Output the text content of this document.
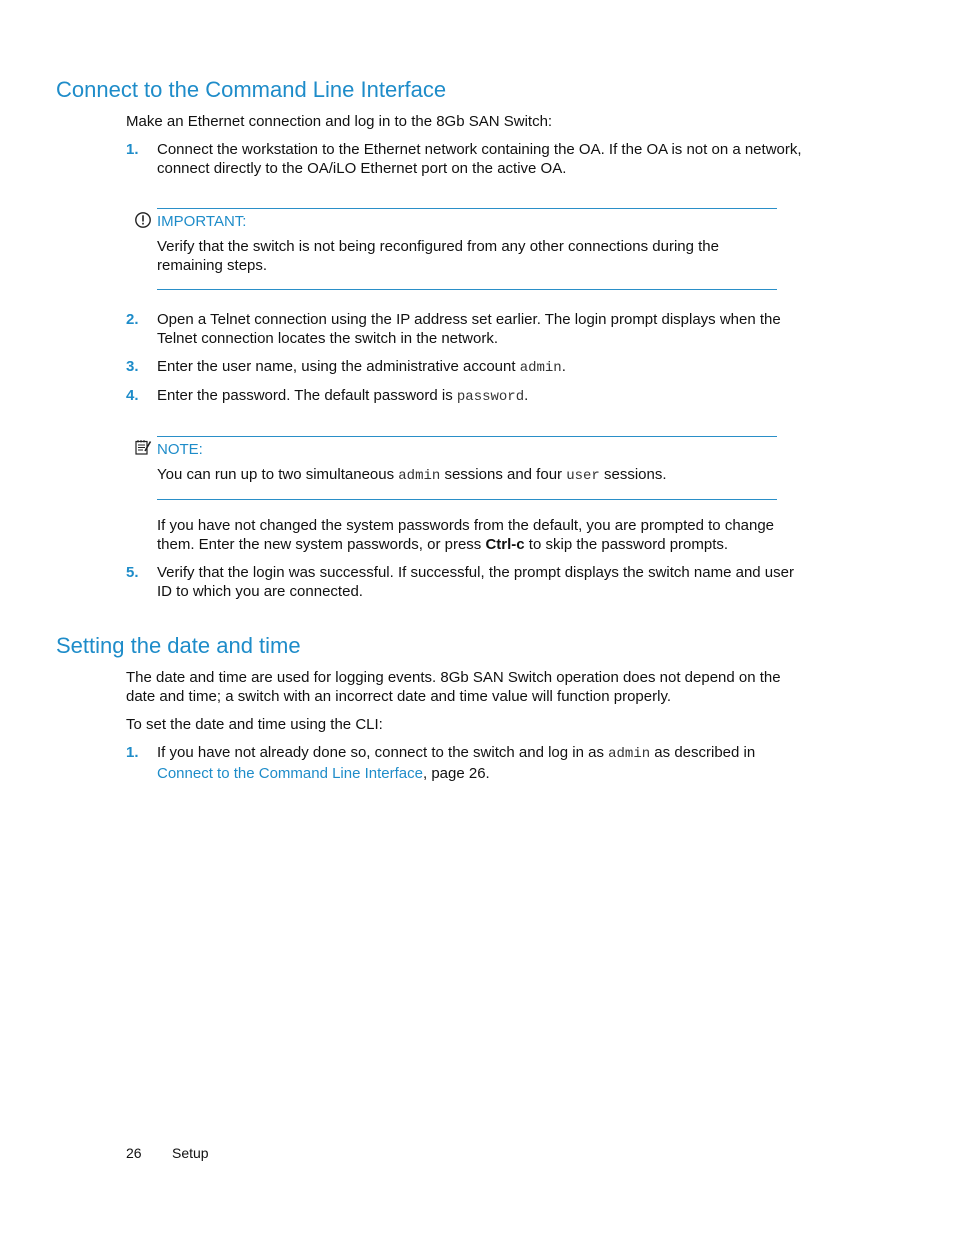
Connect to the Command Line Interface
Make an Ethernet connection and log in to the 8Gb SAN Switch:
1. Connect the workstation to the Ethernet network containing the OA. If the OA is not on a network, connect directly to the OA/iLO Ethernet port on the active OA.
IMPORTANT:
Verify that the switch is not being reconfigured from any other connections during the remaining steps.
2. Open a Telnet connection using the IP address set earlier. The login prompt displays when the Telnet connection locates the switch in the network.
3. Enter the user name, using the administrative account admin.
4. Enter the password. The default password is password.
NOTE:
You can run up to two simultaneous admin sessions and four user sessions.
If you have not changed the system passwords from the default, you are prompted to change them. Enter the new system passwords, or press Ctrl-c to skip the password prompts.
5. Verify that the login was successful. If successful, the prompt displays the switch name and user ID to which you are connected.
Setting the date and time
The date and time are used for logging events. 8Gb SAN Switch operation does not depend on the date and time; a switch with an incorrect date and time value will function properly.
To set the date and time using the CLI:
1. If you have not already done so, connect to the switch and log in as admin as described in Connect to the Command Line Interface, page 26.
26 Setup
